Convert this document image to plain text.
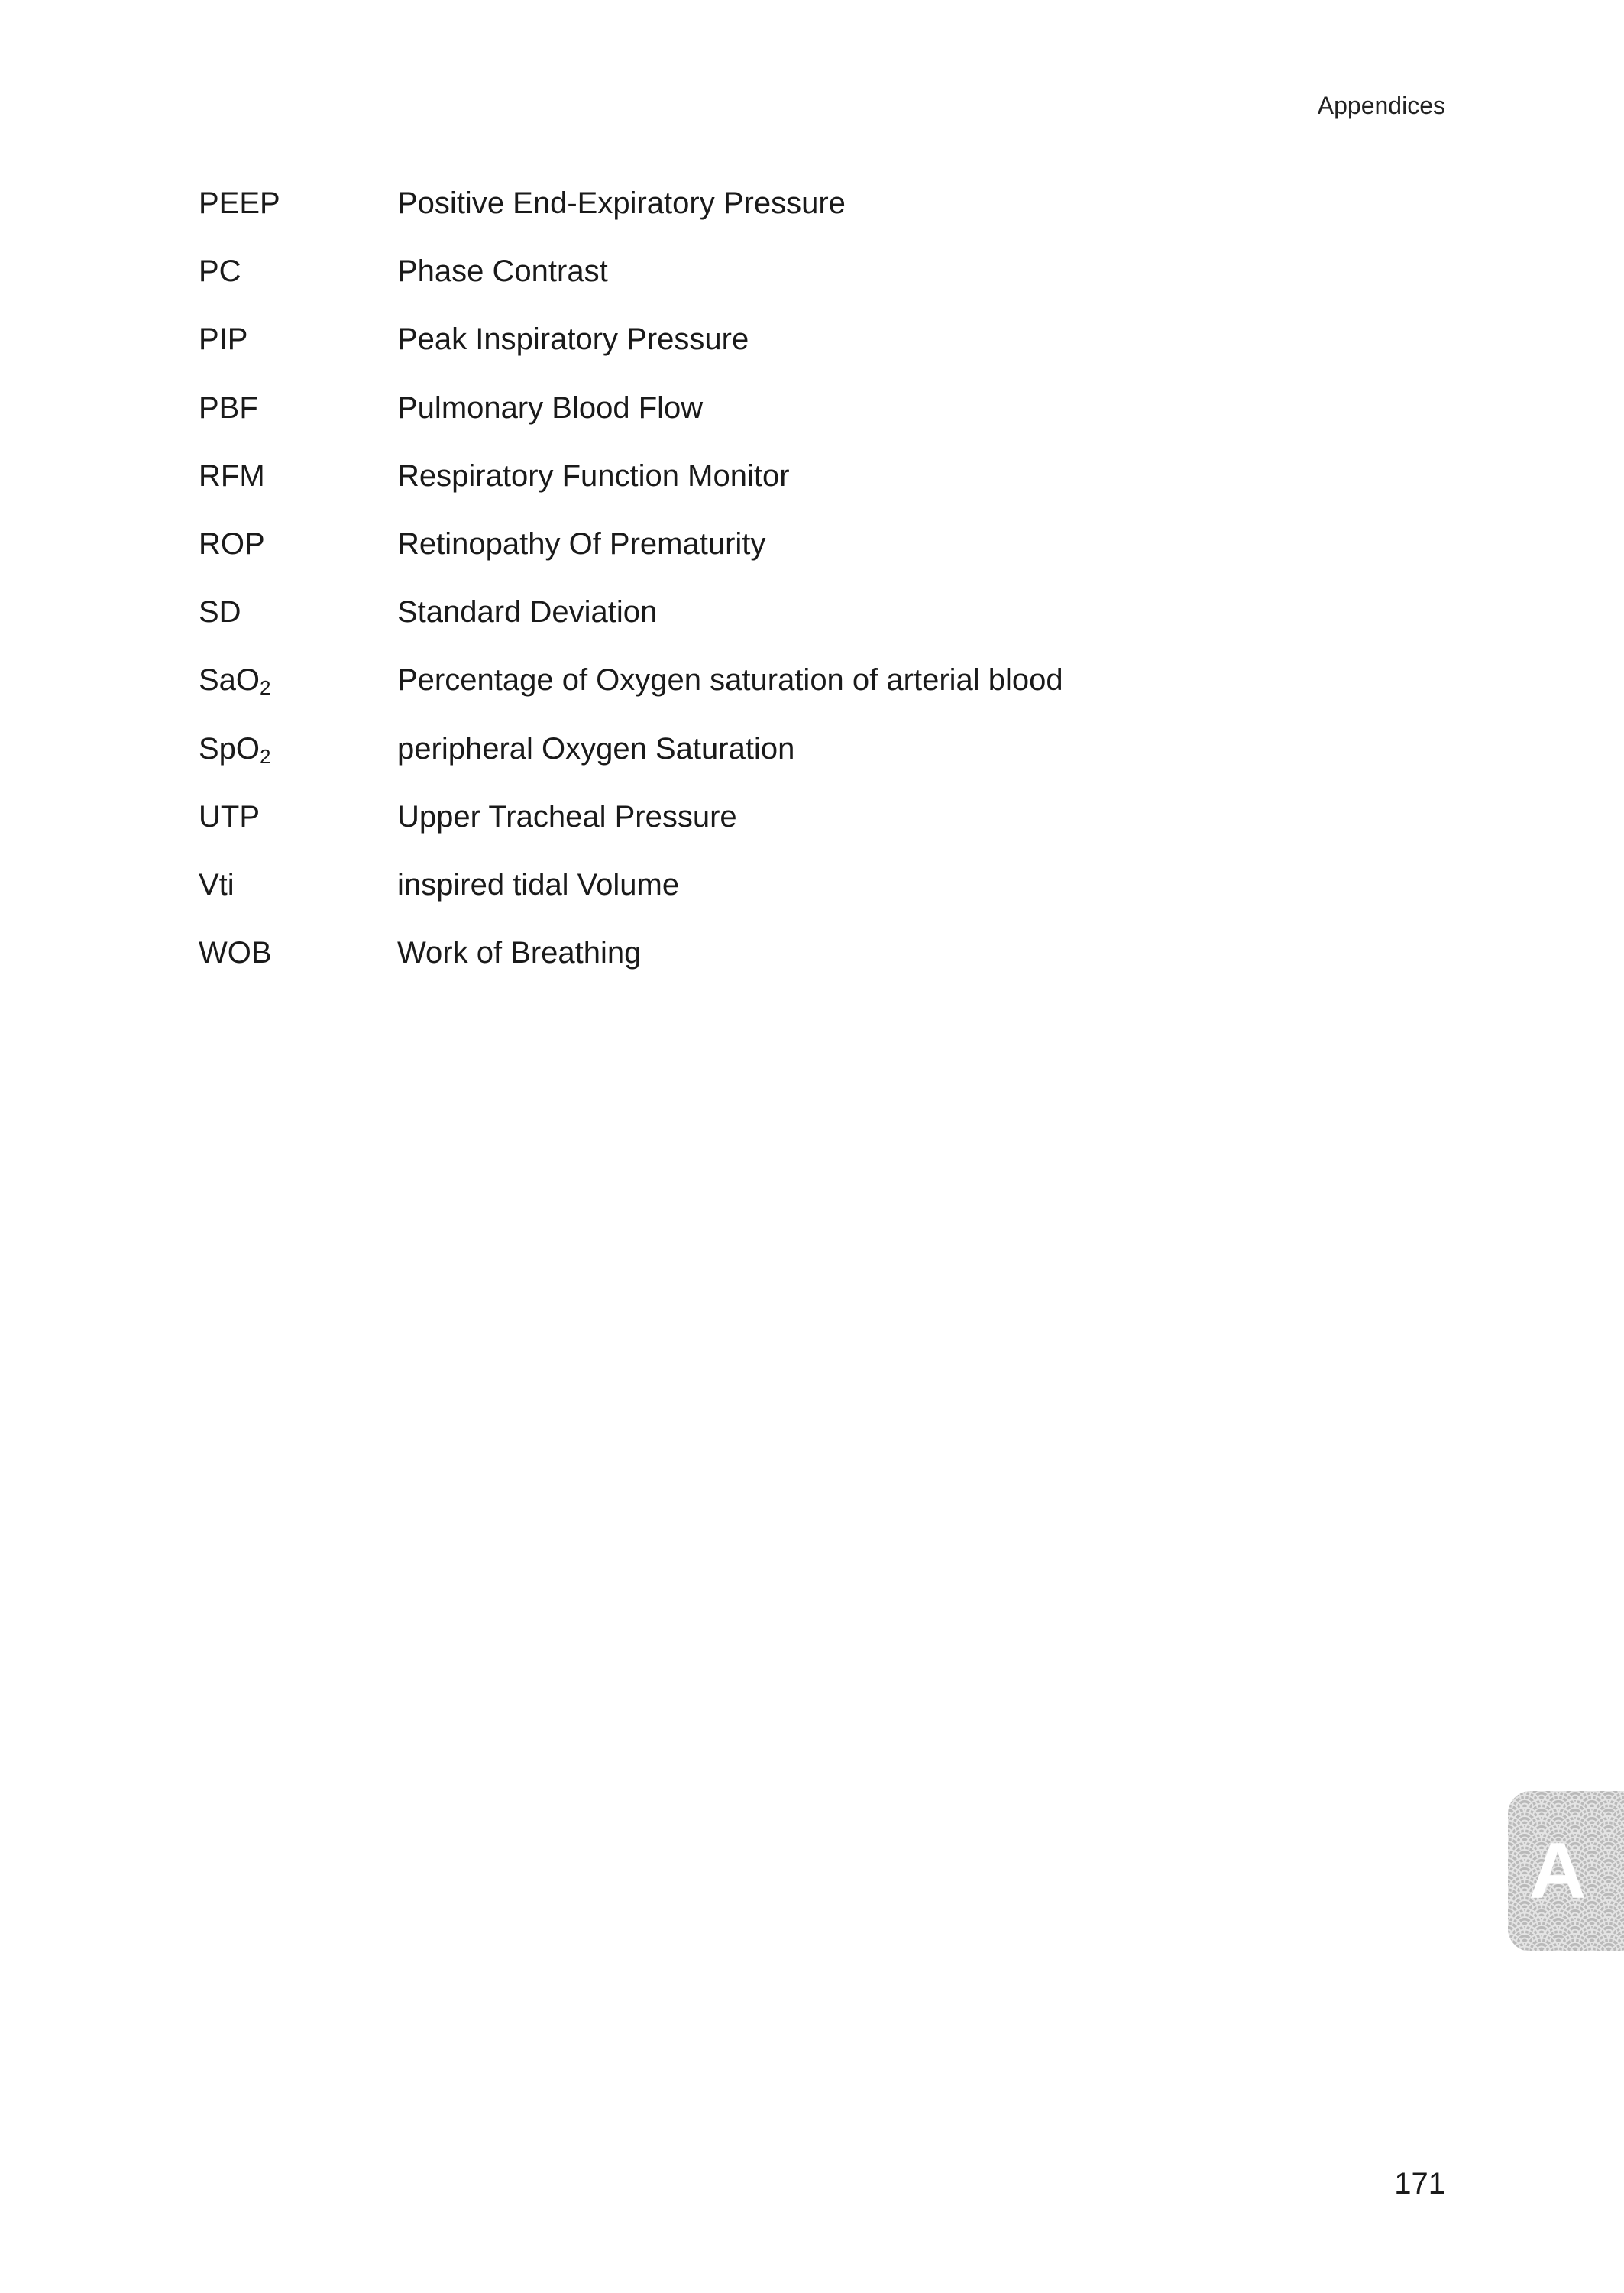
Appendices
PEEP	Positive End-Expiratory Pressure
PC	Phase Contrast
PIP	Peak Inspiratory Pressure
PBF	Pulmonary Blood Flow
RFM	Respiratory Function Monitor
ROP	Retinopathy Of Prematurity
SD	Standard Deviation
SaO$_2$	Percentage of Oxygen saturation of arterial blood
SpO$_2$	peripheral Oxygen Saturation
UTP	Upper Tracheal Pressure
Vti	inspired tidal Volume
WOB	Work of Breathing
A
171
